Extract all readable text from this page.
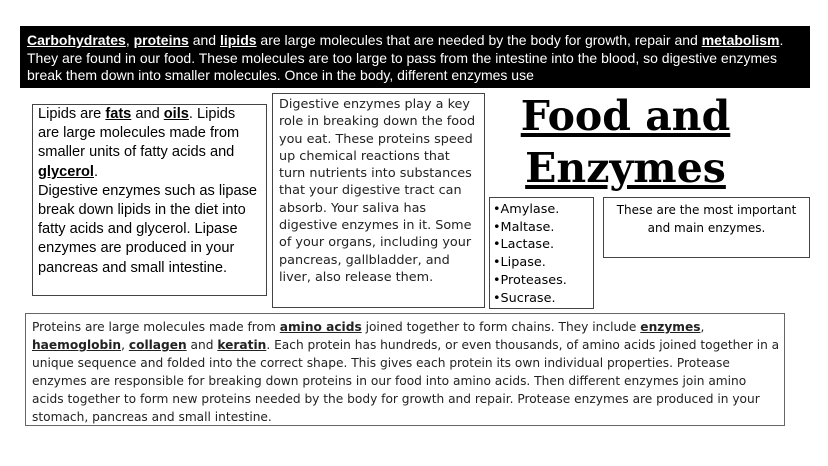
Carbohydrates, proteins and lipids are large molecules that are needed by the body for growth, repair and metabolism. They are found in our food. These molecules are too large to pass from the intestine into the blood, so digestive enzymes break them down into smaller molecules. Once in the body, different enzymes use
Lipids are fats and oils. Lipids are large molecules made from smaller units of fatty acids and glycerol.
Digestive enzymes such as lipase break down lipids in the diet into fatty acids and glycerol. Lipase enzymes are produced in your pancreas and small intestine.
Digestive enzymes play a key role in breaking down the food you eat. These proteins speed up chemical reactions that turn nutrients into substances that your digestive tract can absorb. Your saliva has digestive enzymes in it. Some of your organs, including your pancreas, gallbladder, and liver, also release them.
Proteins are large molecules made from amino acids joined together to form chains. They include enzymes, haemoglobin, collagen and keratin. Each protein has hundreds, or even thousands, of amino acids joined together in a unique sequence and folded into the correct shape. This gives each protein its own individual properties. Protease enzymes are responsible for breaking down proteins in our food into amino acids. Then different enzymes join amino acids together to form new proteins needed by the body for growth and repair. Protease enzymes are produced in your stomach, pancreas and small intestine.
Food and
Enzymes
•Amylase.
•Maltase.
•Lactase.
•Lipase.
•Proteases.
•Sucrase.
These are the most important and main enzymes.
